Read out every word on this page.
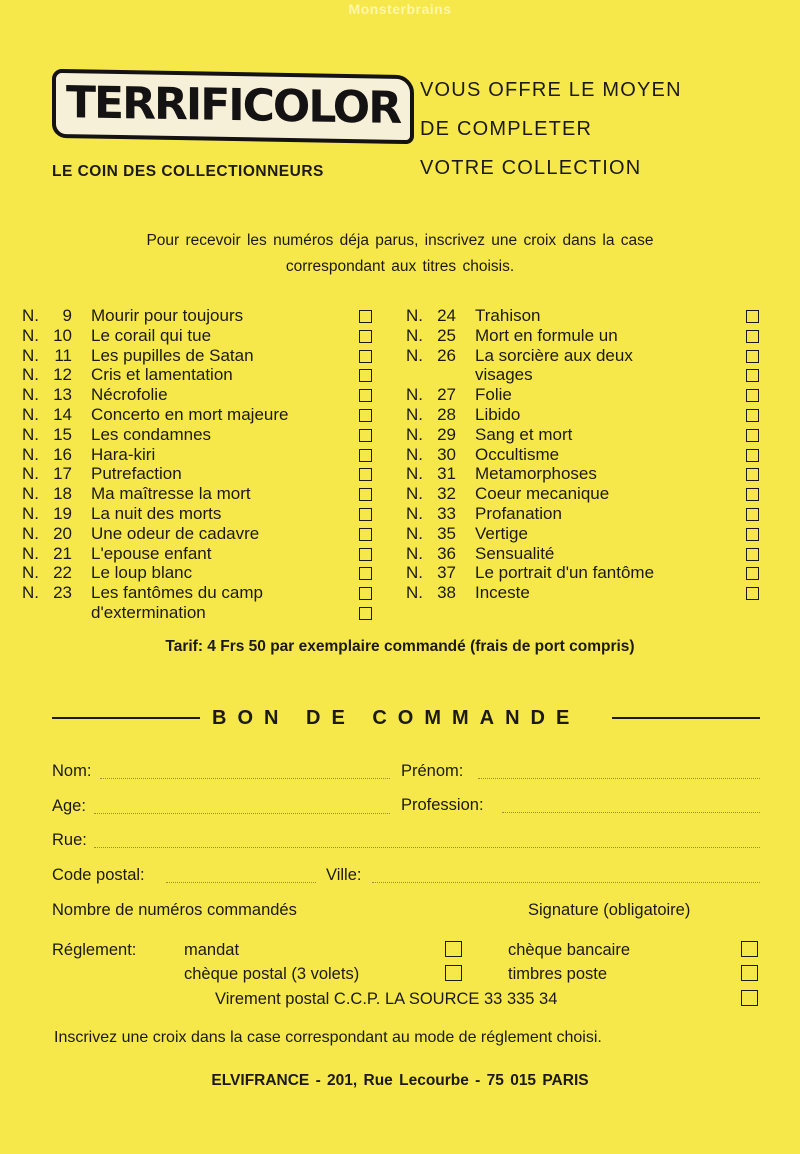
Monsterbrains
TERRIFICOLOR
LE COIN DES COLLECTIONNEURS
VOUS OFFRE LE MOYEN
DE COMPLETER
VOTRE COLLECTION
Pour recevoir les numéros déja parus, inscrivez une croix dans la case
correspondant aux titres choisis.
N.	9 Mourir pour toujours
N. 10 Le corail qui tue
N. 11 Les pupilles de Satan
N. 12 Cris et lamentation
N. 13 Nécrofolie
N. 14 Concerto en mort majeure
N. 15 Les condamnes
N. 16 Hara-kiri
N. 17 Putrefaction
N. 18 Ma maîtresse la mort
N. 19 La nuit des morts
N. 20 Une odeur de cadavre
N. 21 L'epouse enfant
N. 22 Le loup blanc
N. 23 Les fantômes du camp
d'extermination
N. 24 Trahison
N. 25 Mort en formule un
N. 26 La sorcière aux deux
visages
N. 27 Folie
N. 28 Libido
N. 29 Sang et mort
N. 30 Occultisme
N. 31 Metamorphoses
N. 32 Coeur mecanique
N. 33 Profanation
N. 35 Vertige
N. 36 Sensualité
N. 37 Le portrait d'un fantôme
N. 38 Inceste
Tarif: 4 Frs 50 par exemplaire commandé (frais de port compris)
BON DE COMMANDE
Nom:	Prénom:
Age:	Profession:
Rue:
Code postal:	Ville:
Nombre de numéros commandés	Signature (obligatoire)
Réglement:	mandat	chèque bancaire
chèque postal (3 volets)	timbres poste
Virement postal C.C.P. LA SOURCE 33 335 34
Inscrivez une croix dans la case correspondant au mode de réglement choisi.
ELVIFRANCE - 201, Rue Lecourbe - 75 015 PARIS
